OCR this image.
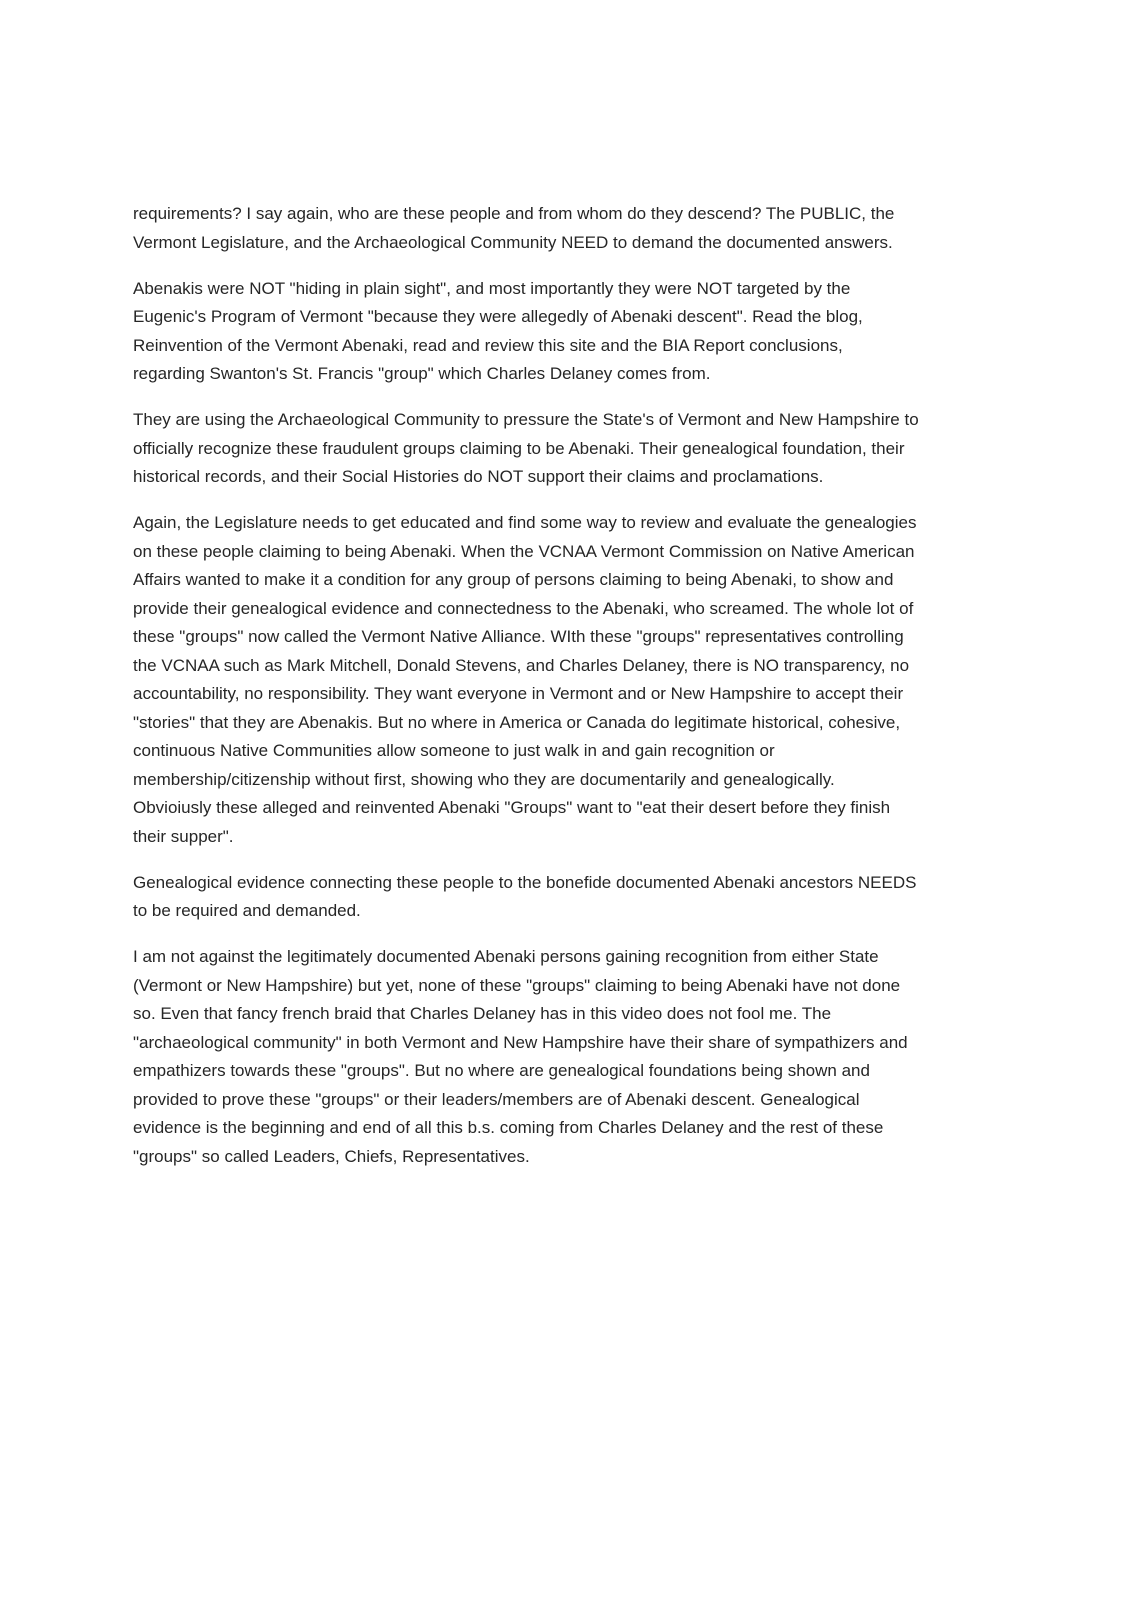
requirements? I say again, who are these people and from whom do they descend? The PUBLIC, the
Vermont Legislature, and the Archaeological Community NEED to demand the documented answers.

Abenakis were NOT "hiding in plain sight", and most importantly they were NOT targeted by the
Eugenic's Program of Vermont "because they were allegedly of Abenaki descent". Read the blog,
Reinvention of the Vermont Abenaki, read and review this site and the BIA Report conclusions,
regarding Swanton's St. Francis "group" which Charles Delaney comes from.

They are using the Archaeological Community to pressure the State's of Vermont and New Hampshire to
officially recognize these fraudulent groups claiming to be Abenaki. Their genealogical foundation, their
historical records, and their Social Histories do NOT support their claims and proclamations.

Again, the Legislature needs to get educated and find some way to review and evaluate the genealogies
on these people claiming to being Abenaki. When the VCNAA Vermont Commission on Native American
Affairs wanted to make it a condition for any group of persons claiming to being Abenaki, to show and
provide their genealogical evidence and connectedness to the Abenaki, who screamed. The whole lot of
these "groups" now called the Vermont Native Alliance. WIth these "groups" representatives controlling
the VCNAA such as Mark Mitchell, Donald Stevens, and Charles Delaney, there is NO transparency, no
accountability, no responsibility. They want everyone in Vermont and or New Hampshire to accept their
"stories" that they are Abenakis. But no where in America or Canada do legitimate historical, cohesive,
continuous Native Communities allow someone to just walk in and gain recognition or
membership/citizenship without first, showing who they are documentarily and genealogically.
Obvioiusly these alleged and reinvented Abenaki "Groups" want to "eat their desert before they finish
their supper".

Genealogical evidence connecting these people to the bonefide documented Abenaki ancestors NEEDS
to be required and demanded.

I am not against the legitimately documented Abenaki persons gaining recognition from either State
(Vermont or New Hampshire) but yet, none of these "groups" claiming to being Abenaki have not done
so. Even that fancy french braid that Charles Delaney has in this video does not fool me. The
"archaeological community" in both Vermont and New Hampshire have their share of sympathizers and
empathizers towards these "groups". But no where are genealogical foundations being shown and
provided to prove these "groups" or their leaders/members are of Abenaki descent. Genealogical
evidence is the beginning and end of all this b.s. coming from Charles Delaney and the rest of these
"groups" so called Leaders, Chiefs, Representatives.
